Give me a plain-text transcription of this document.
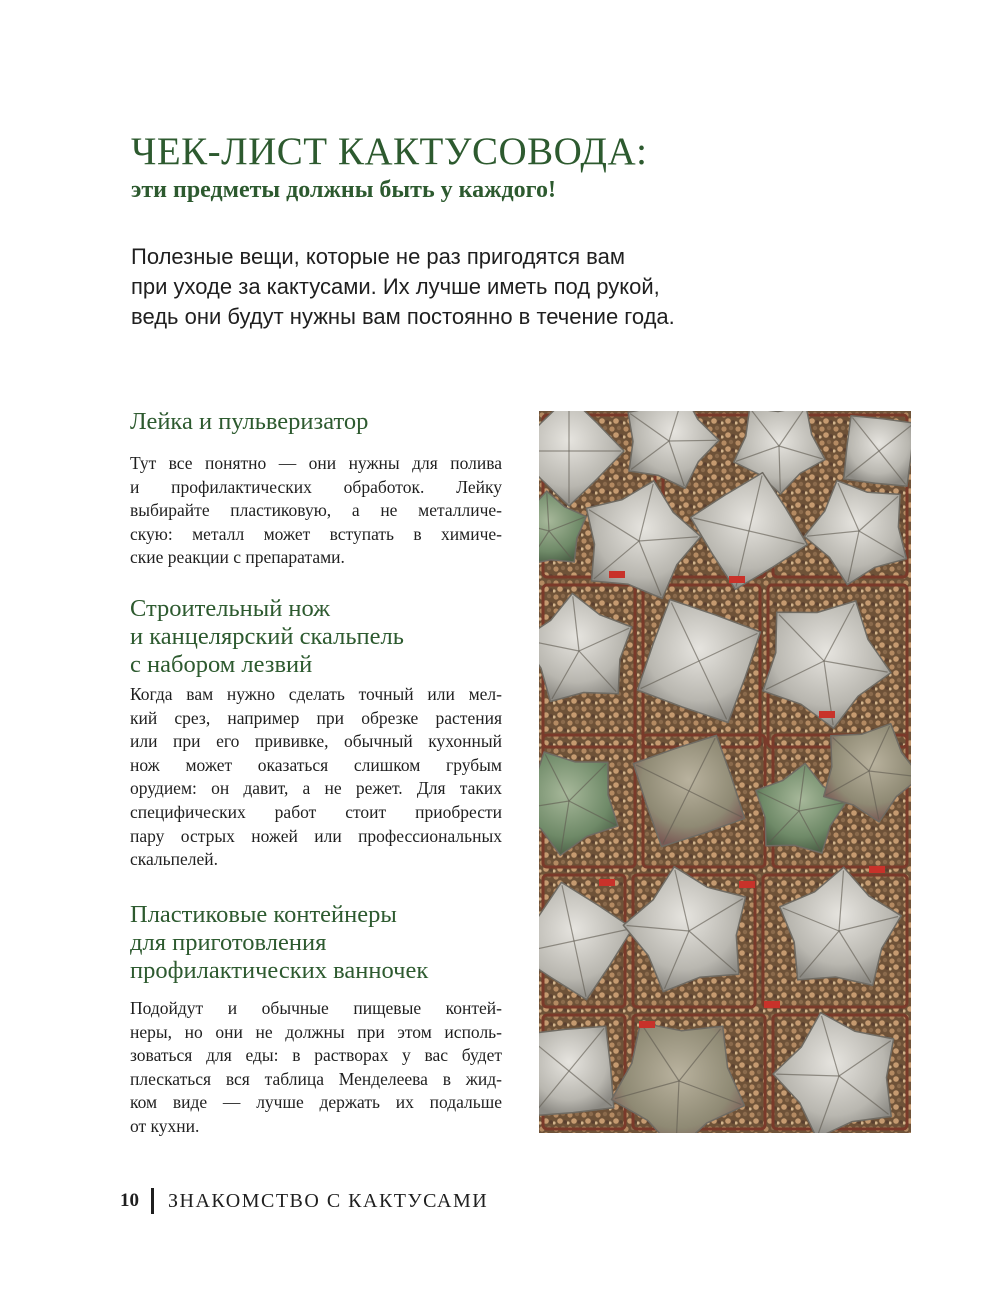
ЧЕК-ЛИСТ КАКТУСОВОДА:
эти предметы должны быть у каждого!

Полезные вещи, которые не раз пригодятся вам
при уходе за кактусами. Их лучше иметь под рукой,
ведь они будут нужны вам постоянно в течение года.

Лейка и пульверизатор

Тут все понятно — они нужны для полива
и профилактических обработок. Лейку
выбирайте пластиковую, а не металличе-
скую: металл может вступать в химиче-
ские реакции с препаратами.

Строительный нож
и канцелярский скальпель
с набором лезвий

Когда вам нужно сделать точный или мел-
кий срез, например при обрезке растения
или при его прививке, обычный кухонный
нож может оказаться слишком грубым
орудием: он давит, а не режет. Для таких
специфических работ стоит приобрести
пару острых ножей или профессиональных
скальпелей.

Пластиковые контейнеры
для приготовления
профилактических ванночек

Подойдут и обычные пищевые контей-
неры, но они не должны при этом исполь-
зоваться для еды: в растворах у вас будет
плескаться вся таблица Менделеева в жид-
ком виде — лучше держать их подальше
от кухни.

10 ЗНАКОМСТВО С КАКТУСАМИ
